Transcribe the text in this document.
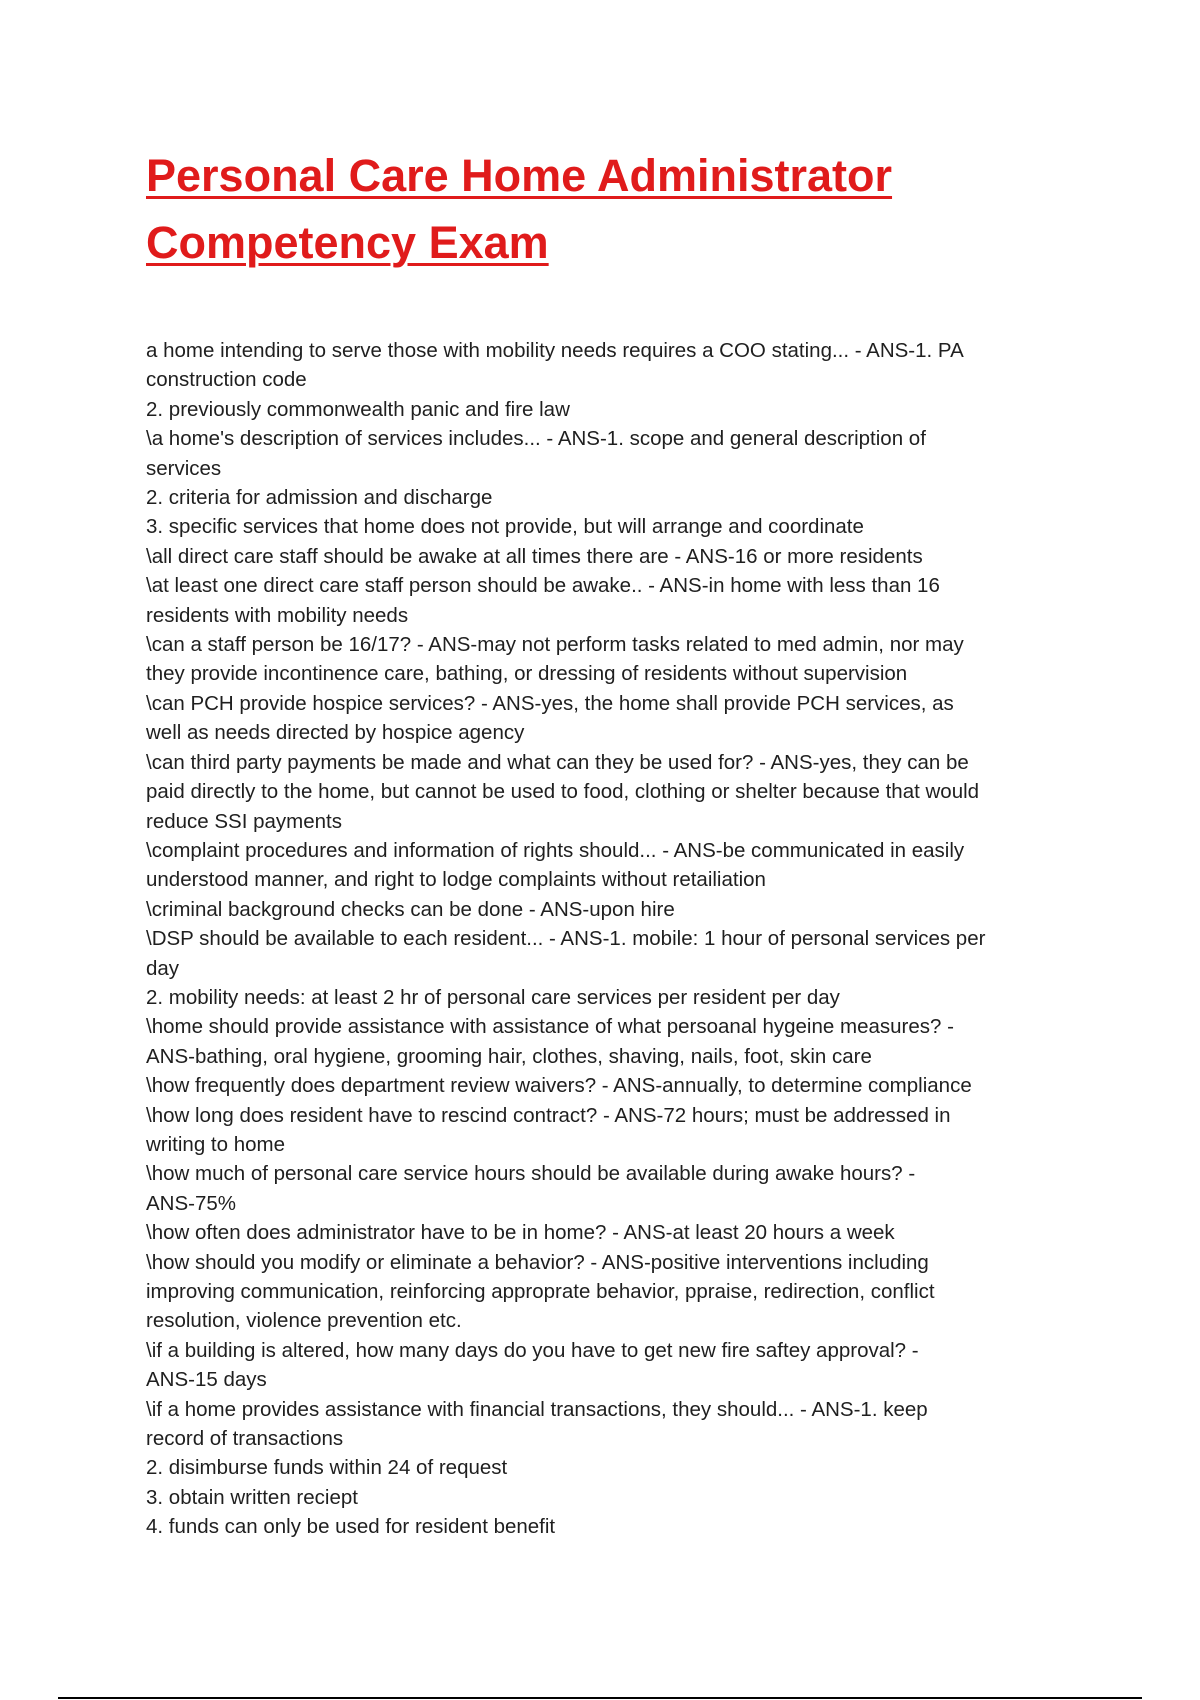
Personal Care Home Administrator
Competency Exam

a home intending to serve those with mobility needs requires a COO stating... - ANS-1. PA

construction code

2. previously commonwealth panic and fire law

\a home's description of services includes... - ANS-1. scope and general description of

services

2. criteria for admission and discharge

3. specific services that home does not provide, but will arrange and coordinate

\all direct care staff should be awake at all times there are - ANS-16 or more residents

\at least one direct care staff person should be awake.. - ANS-in home with less than 16

residents with mobility needs

\can a staff person be 16/17? - ANS-may not perform tasks related to med admin, nor may

they provide incontinence care, bathing, or dressing of residents without supervision

\can PCH provide hospice services? - ANS-yes, the home shall provide PCH services, as

well as needs directed by hospice agency

\can third party payments be made and what can they be used for? - ANS-yes, they can be

paid directly to the home, but cannot be used to food, clothing or shelter because that would

reduce SSI payments

\complaint procedures and information of rights should... - ANS-be communicated in easily

understood manner, and right to lodge complaints without retailiation

\criminal background checks can be done - ANS-upon hire

\DSP should be available to each resident... - ANS-1. mobile: 1 hour of personal services per

day

2. mobility needs: at least 2 hr of personal care services per resident per day

\home should provide assistance with assistance of what persoanal hygeine measures? -

ANS-bathing, oral hygiene, grooming hair, clothes, shaving, nails, foot, skin care

\how frequently does department review waivers? - ANS-annually, to determine compliance

\how long does resident have to rescind contract? - ANS-72 hours; must be addressed in

writing to home

\how much of personal care service hours should be available during awake hours? -

ANS-75%

\how often does administrator have to be in home? - ANS-at least 20 hours a week

\how should you modify or eliminate a behavior? - ANS-positive interventions including

improving communication, reinforcing approprate behavior, ppraise, redirection, conflict

resolution, violence prevention etc.

\if a building is altered, how many days do you have to get new fire saftey approval? -

ANS-15 days

\if a home provides assistance with financial transactions, they should... - ANS-1. keep

record of transactions

2. disimburse funds within 24 of request

3. obtain written reciept

4. funds can only be used for resident benefit
